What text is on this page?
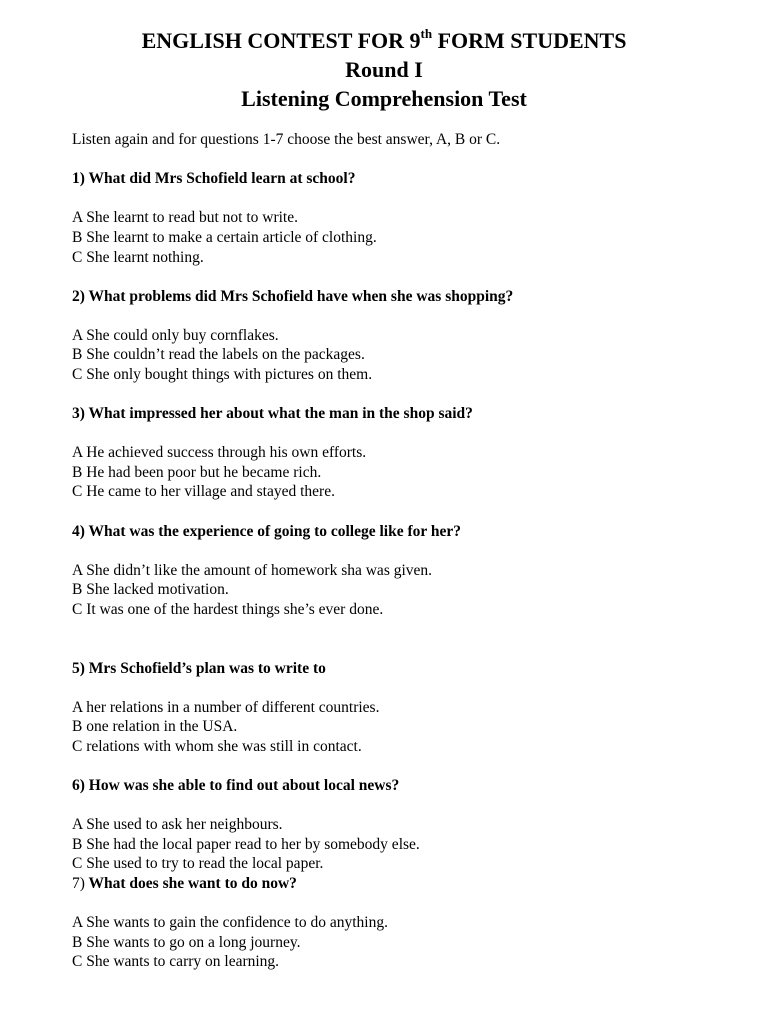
ENGLISH CONTEST FOR 9th FORM STUDENTS
Round I
Listening Comprehension Test
Listen again and for questions 1-7 choose the best answer, A, B or C.
1) What did Mrs Schofield learn at school?
A She learnt to read but not to write.
B She learnt to make a certain article of clothing.
C She learnt nothing.
2) What problems did Mrs Schofield have when she was shopping?
A She could only buy cornflakes.
B She couldn’t read the labels on the packages.
C She only bought things with pictures on them.
3) What impressed her about what the man in the shop said?
A He achieved success through his own efforts.
B He had been poor but he became rich.
C He came to her village and stayed there.
4) What was the experience of going to college like for her?
A She didn’t like the amount of homework sha was given.
B She lacked motivation.
C It was one of the hardest things she’s ever done.
5) Mrs Schofield’s plan was to write to
A her relations in a number of different countries.
B one relation in the USA.
C relations with whom she was still in contact.
6) How was she able to find out about local news?
A She used to ask her neighbours.
B She had the local paper read to her by somebody else.
C She used to try to read the local paper.
7) What does she want to do now?
A She wants to gain the confidence to do anything.
B She wants to go on a long journey.
C She wants to carry on learning.
